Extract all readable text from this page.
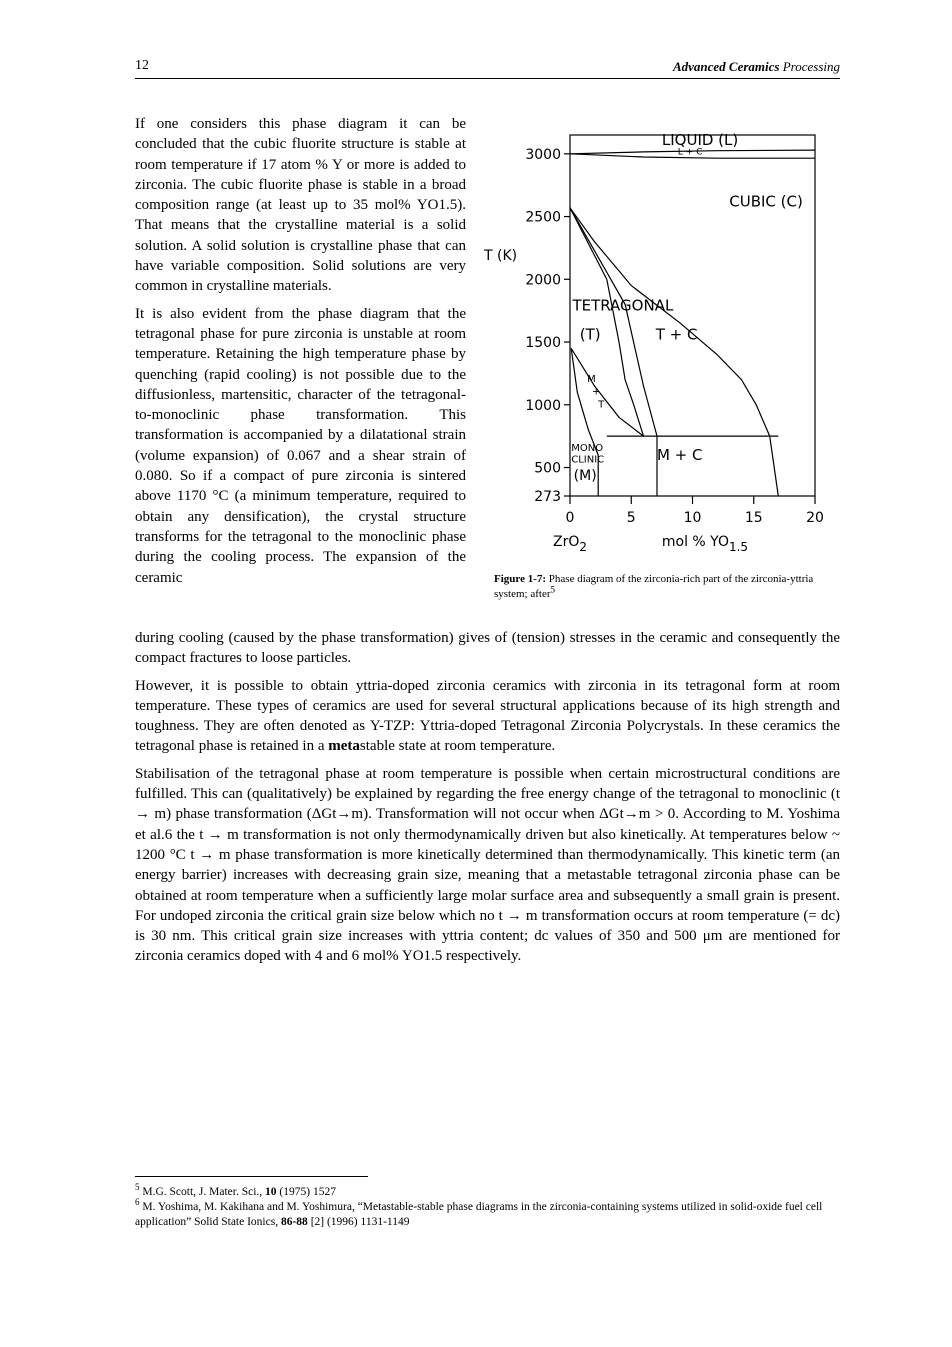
12	Advanced Ceramics Processing

If one considers this phase diagram it can be concluded that the cubic fluorite structure is stable at room temperature if 17 atom % Y or more is added to zirconia. The cubic fluorite phase is stable in a broad composition range (at least up to 35 mol% YO1.5). That means that the crystalline material is a solid solution. A solid solution is crystalline phase that can have variable composition. Solid solutions are very common in crystalline materials.

It is also evident from the phase diagram that the tetragonal phase for pure zirconia is unstable at room temperature. Retaining the high temperature phase by quenching (rapid cooling) is not possible due to the diffusionless, martensitic, character of the tetragonal-to-monoclinic phase transformation. This transformation is accompanied by a dilatational strain (volume expansion) of 0.067 and a shear strain of 0.080. So if a compact of pure zirconia is sintered above 1170 °C (a minimum temperature, required to obtain any densification), the crystal structure transforms for the tetragonal to the monoclinic phase during the cooling process. The expansion of the ceramic

273
500
1000
1500
2000
2500
3000
0	5	10	15	20
T (K)
ZrO2	mol % YO1.5
LIQUID (L)
L + C
CUBIC (C)
TETRAGONAL
(T)	T + C
M
+
T
M + C
MONO
CLINIC
(M)
Figure 1-7: Phase diagram of the zirconia-rich part of the zirconia-yttria system; after$^5$

during cooling (caused by the phase transformation) gives of (tension) stresses in the ceramic and consequently the compact fractures to loose particles.

However, it is possible to obtain yttria-doped zirconia ceramics with zirconia in its tetragonal form at room temperature. These types of ceramics are used for several structural applications because of its high strength and toughness. They are often denoted as Y-TZP: Yttria-doped Tetragonal Zirconia Polycrystals. In these ceramics the tetragonal phase is retained in a metastable state at room temperature.

Stabilisation of the tetragonal phase at room temperature is possible when certain microstructural conditions are fulfilled. This can (qualitatively) be explained by regarding the free energy change of the tetragonal to monoclinic (t → m) phase transformation (ΔGt→m). Transformation will not occur when ΔGt→m > 0. According to M. Yoshima et al.6 the t → m transformation is not only thermodynamically driven but also kinetically. At temperatures below ~ 1200 °C t → m phase transformation is more kinetically determined than thermodynamically. This kinetic term (an energy barrier) increases with decreasing grain size, meaning that a metastable tetragonal zirconia phase can be obtained at room temperature when a sufficiently large molar surface area and subsequently a small grain is present. For undoped zirconia the critical grain size below which no t → m transformation occurs at room temperature (= dc) is 30 nm. This critical grain size increases with yttria content; dc values of 350 and 500 μm are mentioned for zirconia ceramics doped with 4 and 6 mol% YO1.5 respectively.

$^5$ M.G. Scott, J. Mater. Sci., 10 (1975) 1527

$^6$ M. Yoshima, M. Kakihana and M. Yoshimura, “Metastable-stable phase diagrams in the zirconia-containing systems utilized in solid-oxide fuel cell application” Solid State Ionics, 86-88 [2] (1996) 1131-1149
